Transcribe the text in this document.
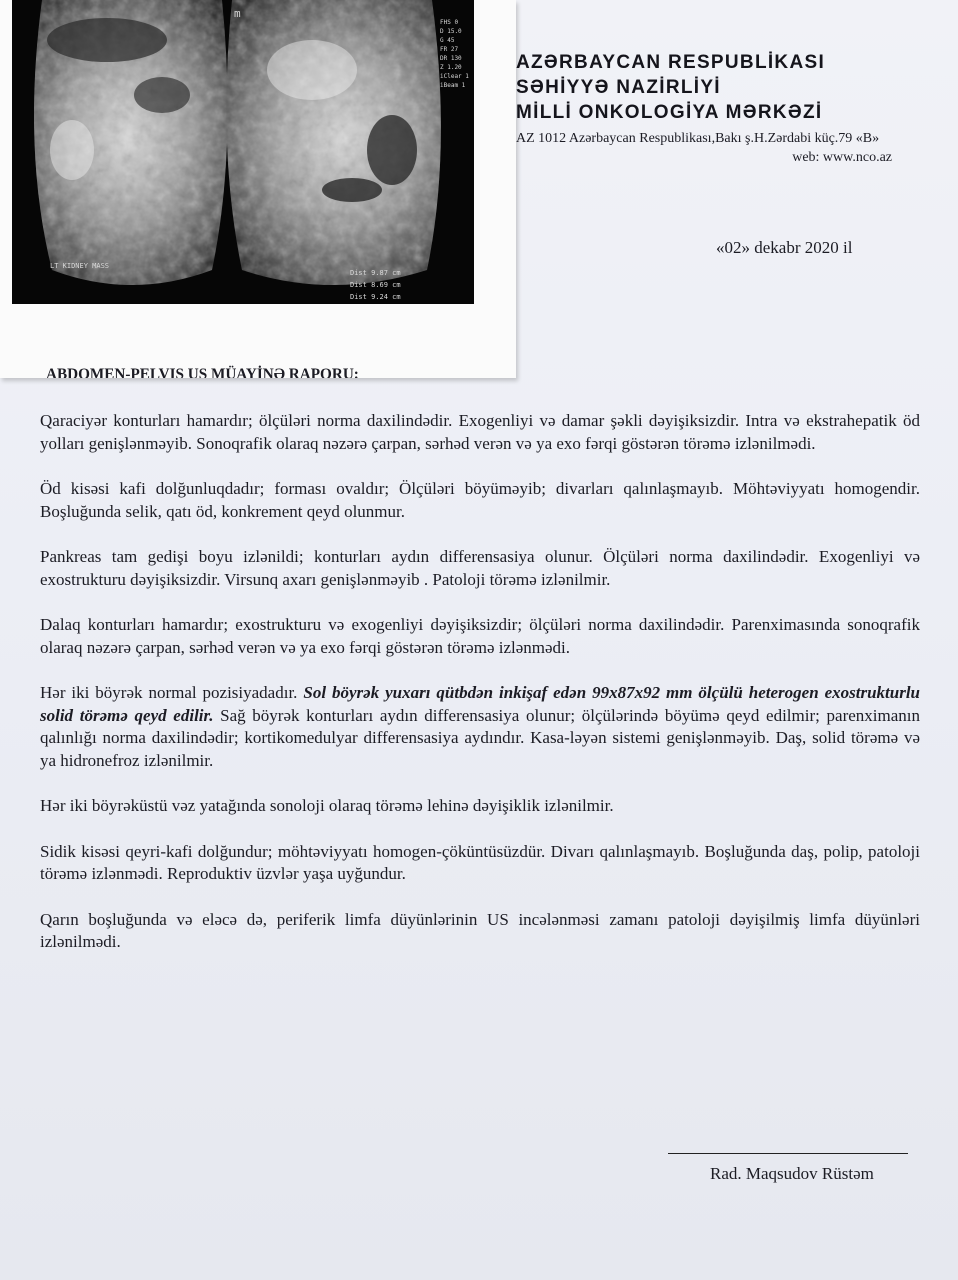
AZƏRBAYCAN RESPUBLİKASI
SƏHİYYƏ NAZİRLİYİ
MİLLİ ONKOLOGİYA MƏRKƏZİ
AZ 1012 Azərbaycan Respublikası,Bakı ş.H.Zərdabi küç.79 «B»
web: www.nco.az
«02» dekabr 2020 il

Qaraciyər konturları hamardır; ölçüləri norma daxilindədir. Exogenliyi və damar şəkli dəyişiksizdir. Intra və ekstrahepatik öd yolları genişlənməyib. Sonoqrafik olaraq nəzərə çarpan, sərhəd verən və ya exo fərqi göstərən törəmə izlənilmədi.

Öd kisəsi kafi dolğunluqdadır; forması ovaldır; Ölçüləri böyüməyib; divarları qalınlaşmayıb. Möhtəviyyatı homogendir. Boşluğunda selik, qatı öd, konkrement qeyd olunmur.

Pankreas tam gedişi boyu izlənildi; konturları aydın differensasiya olunur. Ölçüləri norma daxilindədir. Exogenliyi və exostrukturu dəyişiksizdir. Virsunq axarı genişlənməyib . Patoloji törəmə izlənilmir.

Dalaq konturları hamardır; exostrukturu və exogenliyi dəyişiksizdir; ölçüləri norma daxilindədir. Parenximasında sonoqrafik olaraq nəzərə çarpan, sərhəd verən və ya exo fərqi göstərən törəmə izlənmədi.

Hər iki böyrək normal pozisiyadadır. Sol böyrək yuxarı qütbdən inkişaf edən 99x87x92 mm ölçülü heterogen exostrukturlu solid törəmə qeyd edilir. Sağ böyrək konturları aydın differensasiya olunur; ölçülərində böyümə qeyd edilmir; parenximanın qalınlığı norma daxilindədir; kortikomedulyar differensasiya aydındır. Kasa-ləyən sistemi genişlənməyib. Daş, solid törəmə və ya hidronefroz izlənilmir.

Hər iki böyrəküstü vəz yatağında sonoloji olaraq törəmə lehinə dəyişiklik izlənilmir.

Sidik kisəsi qeyri-kafi dolğundur; möhtəviyyatı homogen-çöküntüsüzdür. Divarı qalınlaşmayıb. Boşluğunda daş, polip, patoloji törəmə izlənmədi. Reproduktiv üzvlər yaşa uyğundur.

Qarın boşluğunda və eləcə də, periferik limfa düyünlərinin US incələnməsi zamanı patoloji dəyişilmiş limfa düyünləri izlənilmədi.

Rad. Maqsudov Rüstəm
m
FHS 0
D 15.0
G 45
FR 27
DR 130
Z 1.20
iClear 1
iBeam 1
LT KIDNEY MASS
Dist 9.87 cm
Dist 8.69 cm
Dist 9.24 cm
ABDOMEN-PELVIS US MÜAYİNƏ RAPORU:
